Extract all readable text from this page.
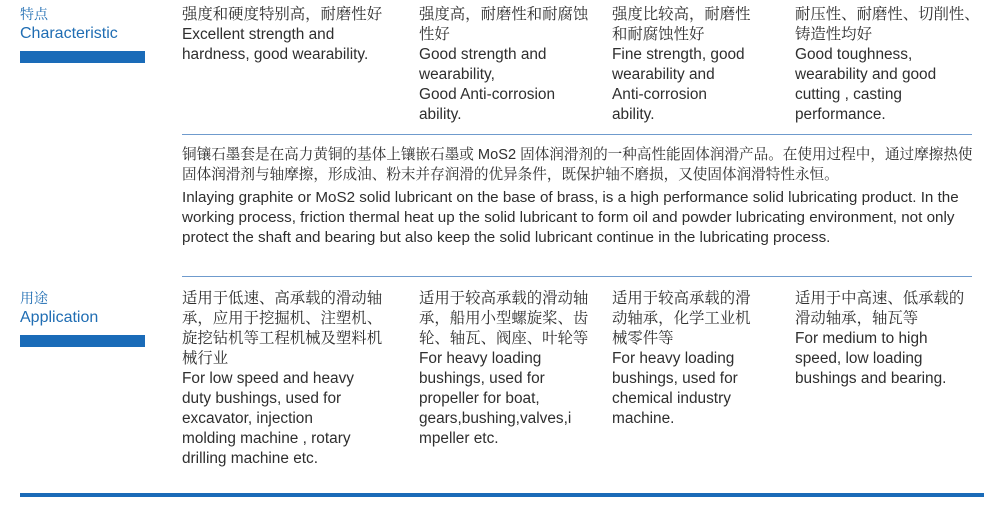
特点
Characteristic
强度和硬度特别高，耐磨性好
Excellent strength and
hardness, good wearability.
强度高，耐磨性和耐腐蚀
性好
Good strength and
wearability,
Good Anti-corrosion
ability.
强度比较高，耐磨性
和耐腐蚀性好
Fine strength, good
wearability and
Anti-corrosion
ability.
耐压性、耐磨性、切削性、
铸造性均好
Good toughness,
wearability and good
cutting , casting
performance.
铜镶石墨套是在高力黄铜的基体上镶嵌石墨或 MoS2 固体润滑剂的一种高性能固体润滑产品。在使用过程中，通过摩擦热使固体润滑剂与轴摩擦，形成油、粉末并存润滑的优异条件，既保护轴不磨损，又使固体润滑特性永恒。
Inlaying graphite or MoS2 solid lubricant on the base of brass, is a high performance solid lubricating product. In the working process, friction thermal heat up the solid lubricant to form oil and powder lubricating environment, not only protect the shaft and bearing but also keep the solid lubricant continue in the lubricating process.
用途
Application
适用于低速、高承载的滑动轴
承，应用于挖掘机、注塑机、
旋挖钻机等工程机械及塑料机
械行业
For low speed and heavy
duty bushings, used for
excavator, injection
molding machine , rotary
drilling machine etc.
适用于较高承载的滑动轴
承，船用小型螺旋桨、齿
轮、轴瓦、阀座、叶轮等
For heavy loading
bushings, used for
propeller for boat,
gears,bushing,valves,i
mpeller etc.
适用于较高承载的滑
动轴承，化学工业机
械零件等
For heavy loading
bushings, used for
chemical industry
machine.
适用于中高速、低承载的
滑动轴承，轴瓦等
For medium to high
speed, low loading
bushings and bearing.
